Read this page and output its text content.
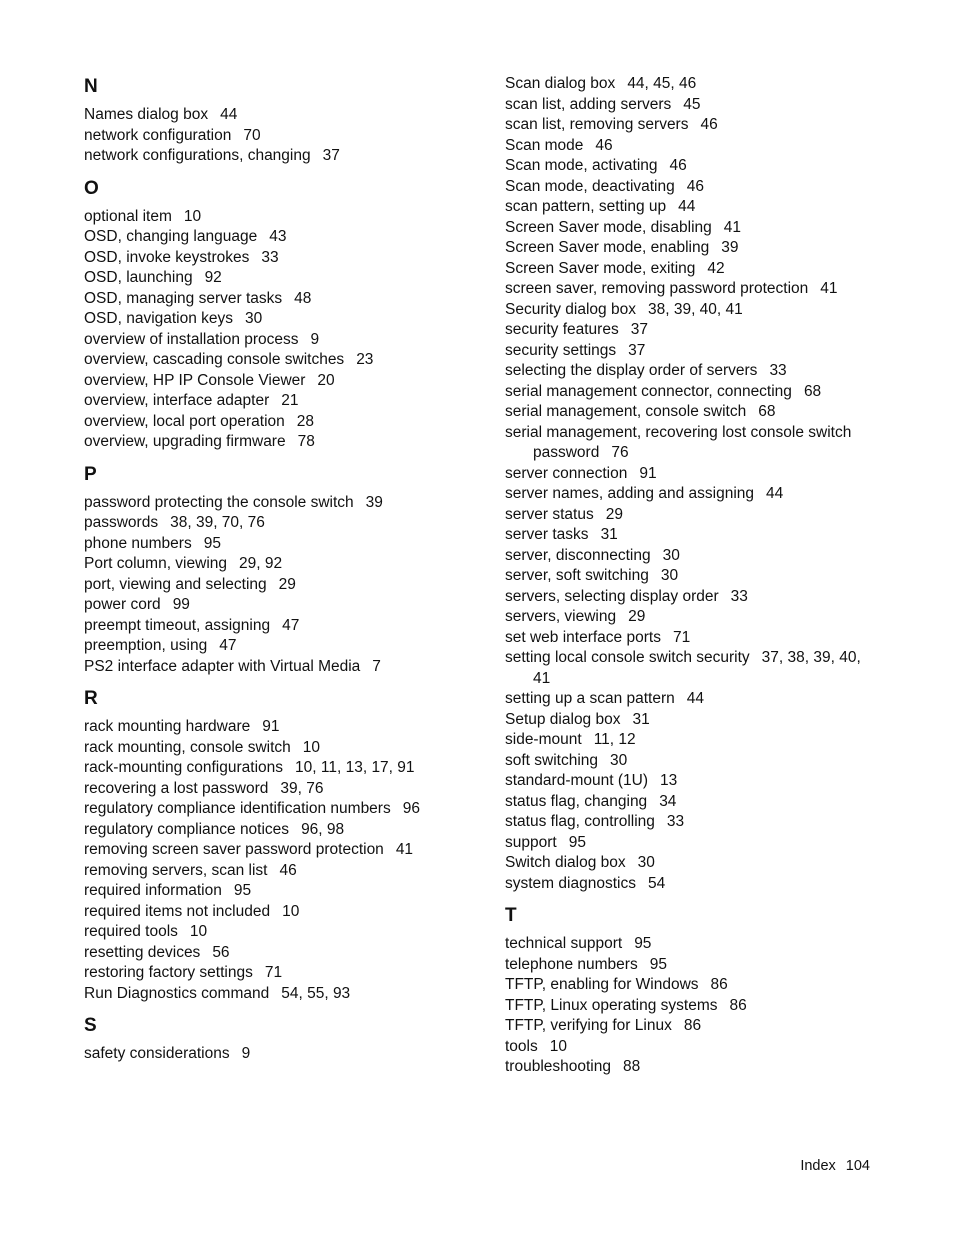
N
Names dialog box 44
network configuration 70
network configurations, changing 37
O
optional item 10
OSD, changing language 43
OSD, invoke keystrokes 33
OSD, launching 92
OSD, managing server tasks 48
OSD, navigation keys 30
overview of installation process 9
overview, cascading console switches 23
overview, HP IP Console Viewer 20
overview, interface adapter 21
overview, local port operation 28
overview, upgrading firmware 78
P
password protecting the console switch 39
passwords 38, 39, 70, 76
phone numbers 95
Port column, viewing 29, 92
port, viewing and selecting 29
power cord 99
preempt timeout, assigning 47
preemption, using 47
PS2 interface adapter with Virtual Media 7
R
rack mounting hardware 91
rack mounting, console switch 10
rack-mounting configurations 10, 11, 13, 17, 91
recovering a lost password 39, 76
regulatory compliance identification numbers 96
regulatory compliance notices 96, 98
removing screen saver password protection 41
removing servers, scan list 46
required information 95
required items not included 10
required tools 10
resetting devices 56
restoring factory settings 71
Run Diagnostics command 54, 55, 93
S
safety considerations 9
Scan dialog box 44, 45, 46
scan list, adding servers 45
scan list, removing servers 46
Scan mode 46
Scan mode, activating 46
Scan mode, deactivating 46
scan pattern, setting up 44
Screen Saver mode, disabling 41
Screen Saver mode, enabling 39
Screen Saver mode, exiting 42
screen saver, removing password protection 41
Security dialog box 38, 39, 40, 41
security features 37
security settings 37
selecting the display order of servers 33
serial management connector, connecting 68
serial management, console switch 68
serial management, recovering lost console switch password 76
server connection 91
server names, adding and assigning 44
server status 29
server tasks 31
server, disconnecting 30
server, soft switching 30
servers, selecting display order 33
servers, viewing 29
set web interface ports 71
setting local console switch security 37, 38, 39, 40, 41
setting up a scan pattern 44
Setup dialog box 31
side-mount 11, 12
soft switching 30
standard-mount (1U) 13
status flag, changing 34
status flag, controlling 33
support 95
Switch dialog box 30
system diagnostics 54
T
technical support 95
telephone numbers 95
TFTP, enabling for Windows 86
TFTP, Linux operating systems 86
TFTP, verifying for Linux 86
tools 10
troubleshooting 88
Index 104
